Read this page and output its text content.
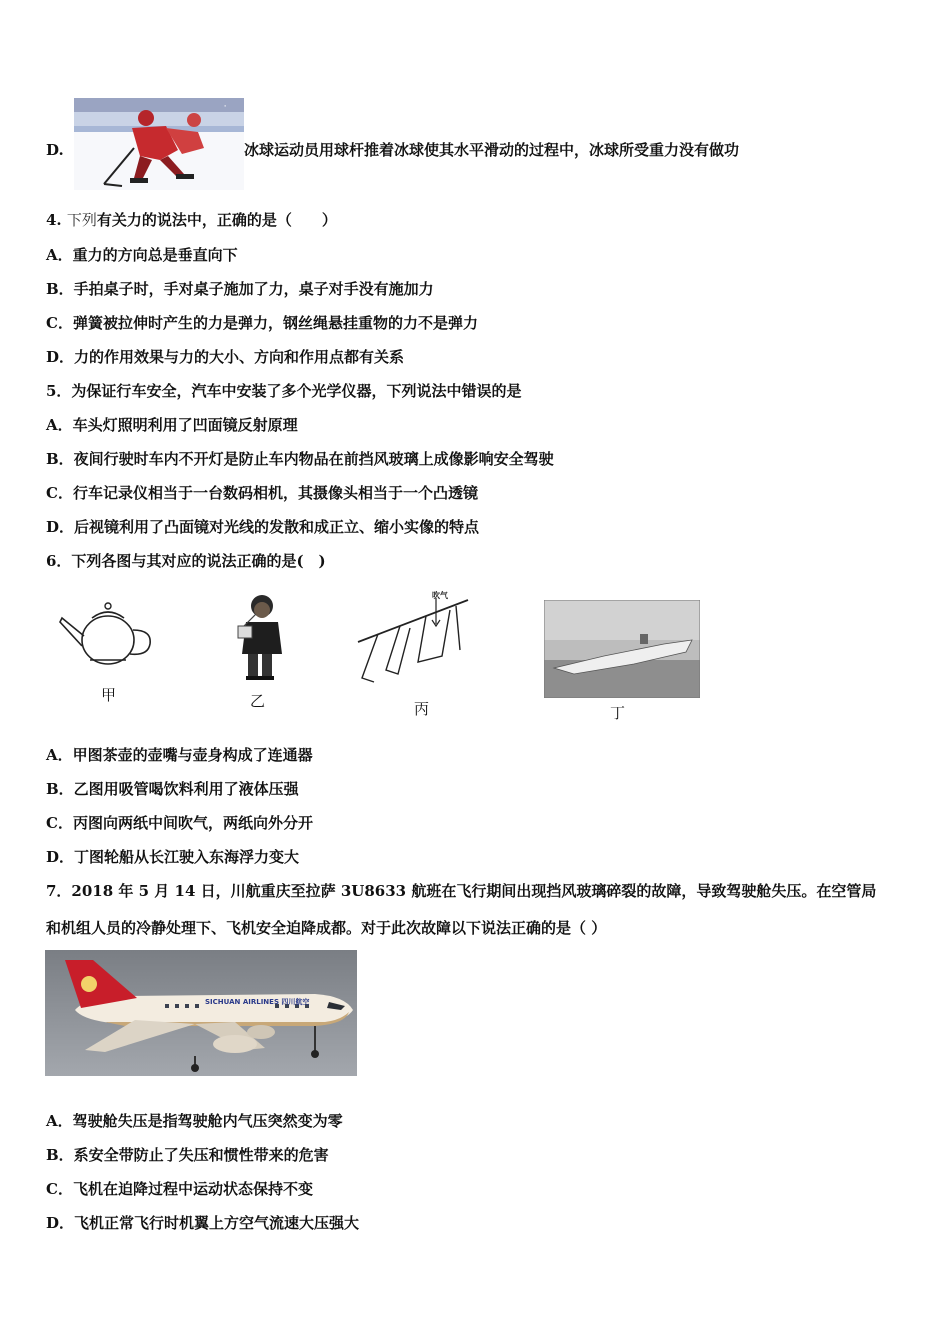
D.
·
冰球运动员用球杆推着冰球使其水平滑动的过程中，冰球所受重力没有做功
4. 下列有关力的说法中，正确的是（　　）
A．重力的方向总是垂直向下
B．手拍桌子时，手对桌子施加了力，桌子对手没有施加力
C．弹簧被拉伸时产生的力是弹力，钢丝绳悬挂重物的力不是弹力
D．力的作用效果与力的大小、方向和作用点都有关系
5．为保证行车安全，汽车中安装了多个光学仪器，下列说法中错误的是
A．车头灯照明利用了凹面镜反射原理
B．夜间行驶时车内不开灯是防止车内物品在前挡风玻璃上成像影响安全驾驶
C．行车记录仪相当于一台数码相机，其摄像头相当于一个凸透镜
D．后视镜利用了凸面镜对光线的发散和成正立、缩小实像的特点
6．下列各图与其对应的说法正确的是(　)
甲	乙
吹气
丙	丁
A．甲图茶壶的壶嘴与壶身构成了连通器
B．乙图用吸管喝饮料利用了液体压强
C．丙图向两纸中间吹气，两纸向外分开
D．丁图轮船从长江驶入东海浮力变大
7．2018 年 5 月 14 日，川航重庆至拉萨 3U8633 航班在飞行期间出现挡风玻璃碎裂的故障，导致驾驶舱失压。在空管局
和机组人员的冷静处理下、飞机安全迫降成都。对于此次故障以下说法正确的是（ ）
SICHUAN AIRLINES 四川航空
A．驾驶舱失压是指驾驶舱内气压突然变为零
B．系安全带防止了失压和惯性带来的危害
C．飞机在迫降过程中运动状态保持不变
D．飞机正常飞行时机翼上方空气流速大压强大
